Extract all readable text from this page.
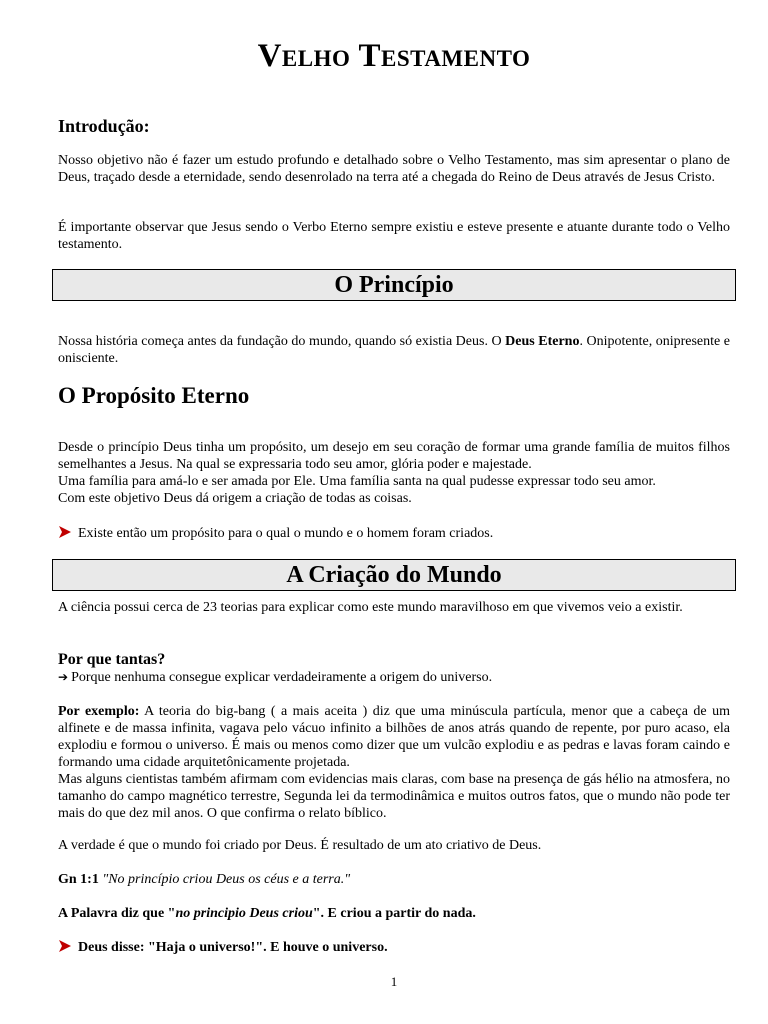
Velho Testamento
Introdução:

Nosso objetivo não é fazer um estudo profundo e detalhado sobre o Velho Testamento, mas sim apresentar o plano de Deus, traçado desde a eternidade, sendo desenrolado na terra até a chegada do Reino de Deus através de Jesus Cristo.

É importante observar que Jesus sendo o Verbo Eterno sempre existiu e esteve presente e atuante durante todo o Velho testamento.

O Princípio

Nossa história começa antes da fundação do mundo, quando só existia Deus. O Deus Eterno. Onipotente, onipresente e onisciente.

O Propósito Eterno

Desde o princípio Deus tinha um propósito, um desejo em seu coração de formar uma grande família de muitos filhos semelhantes a Jesus. Na qual se expressaria todo seu amor, glória poder e majestade.

Uma família para amá-lo e ser amada por Ele. Uma família santa na qual pudesse expressar todo seu amor.

Com este objetivo Deus dá origem a criação de todas as coisas.

Existe então um propósito para o qual o mundo e o homem foram criados.
A Criação do Mundo

A ciência possui cerca de 23 teorias para explicar como este mundo maravilhoso em que vivemos veio a existir.

Por que tantas?
➔ Porque nenhuma consegue explicar verdadeiramente a origem do universo.

Por exemplo: A teoria do big-bang ( a mais aceita ) diz que uma minúscula partícula, menor que a cabeça de um alfinete e de massa infinita, vagava pelo vácuo infinito a bilhões de anos atrás quando de repente, por puro acaso, ela explodiu e formou o universo. É mais ou menos como dizer que um vulcão explodiu e as pedras e lavas foram caindo e formando uma cidade arquitetônicamente projetada.

Mas alguns cientistas também afirmam com evidencias mais claras, com base na presença de gás hélio na atmosfera, no tamanho do campo magnético terrestre, Segunda lei da termodinâmica e muitos outros fatos, que o mundo não pode ter mais do que dez mil anos. O que confirma o relato bíblico.

A verdade é que o mundo foi criado por Deus. É resultado de um ato criativo de Deus.

Gn 1:1 "No princípio criou Deus os céus e a terra."

A Palavra diz que "no principio Deus criou". E criou a partir do nada.

Deus disse: "Haja o universo!". E houve o universo.
1
